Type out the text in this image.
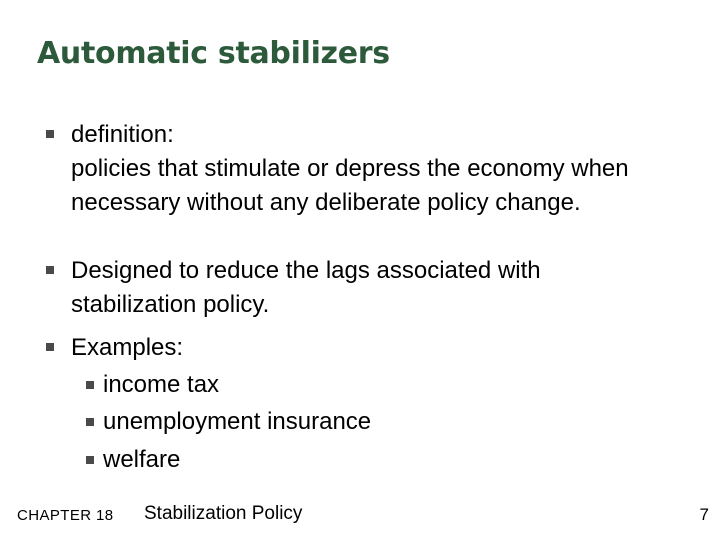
Automatic stabilizers
definition:
policies that stimulate or depress the economy when necessary without any deliberate policy change.
Designed to reduce the lags associated with stabilization policy.
Examples:
income tax
unemployment insurance
welfare
CHAPTER 18 Stabilization Policy	7
